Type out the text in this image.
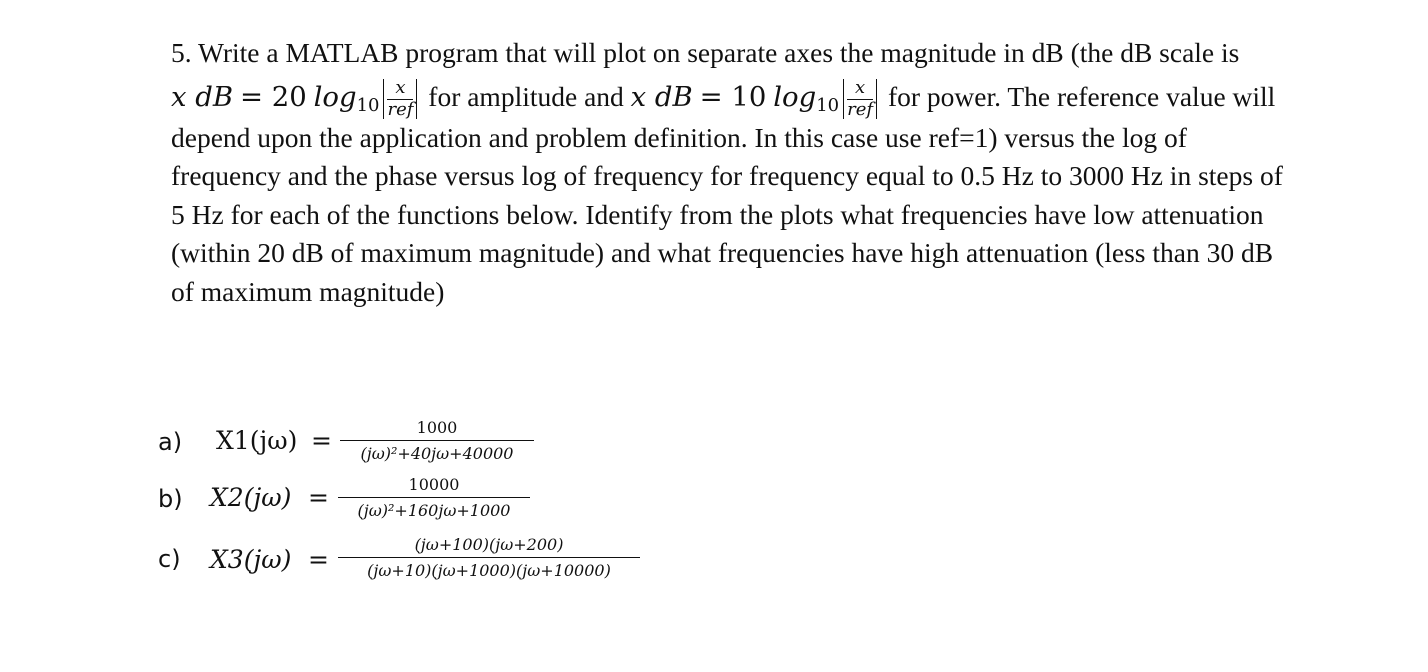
5. Write a MATLAB program that will plot on separate axes the magnitude in dB (the dB scale is
x dB = 20 $\log_{10} \frac{x}{\text{ref}}$ for amplitude and x dB = 10 $\log_{10} \frac{x}{\text{ref}}$ for power. The reference value will
depend upon the application and problem definition. In this case use ref=1) versus the log of
frequency and the phase versus log of frequency for frequency equal to 0.5 Hz to 3000 Hz in steps of
5 Hz for each of the functions below. Identify from the plots what frequencies have low attenuation
(within 20 dB of maximum magnitude) and what frequencies have high attenuation (less than 30 dB
of maximum magnitude)
a) X1(jω) =	1000
(jω)²+40jω+40000
b) X2(jω) =	10000
(jω)²+160jω+1000
c) X3(jω) =
(jω+100)(jω+200)
(jω+10)(jω+1000)(jω+10000)
